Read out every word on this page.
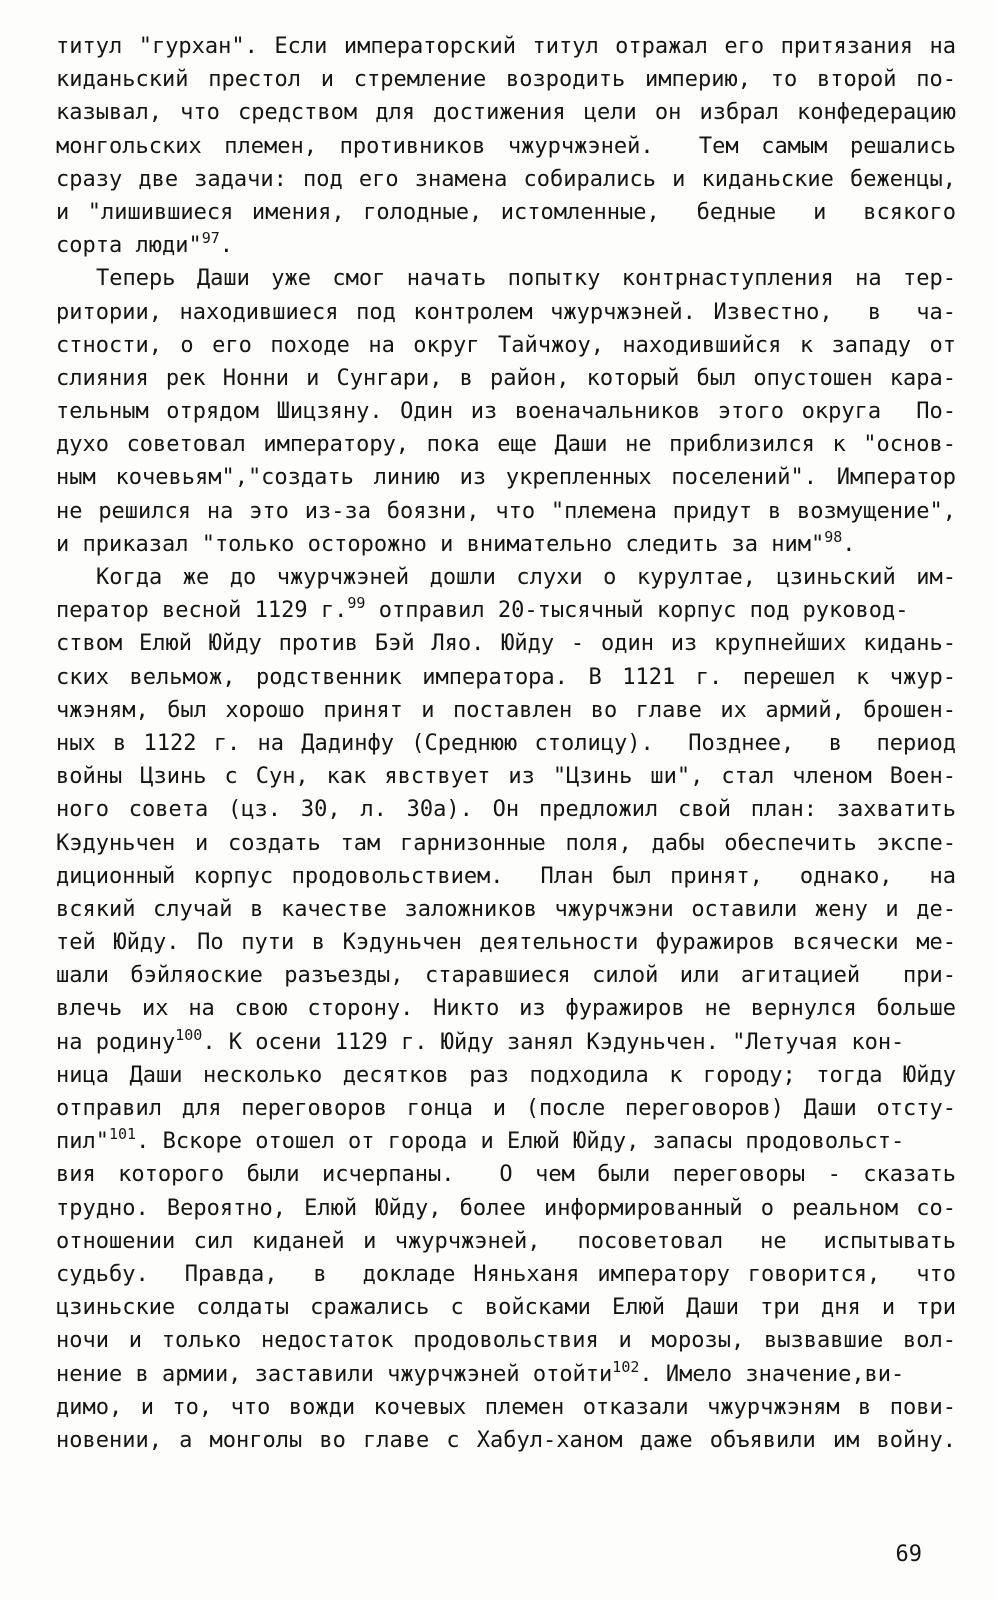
титул "гурхан". Если императорский титул отражал его притязания на
киданьский престол и стремление возродить империю, то второй по-
казывал, что средством для достижения цели он избрал конфедерацию
монгольских племен, противников чжурчжэней.  Тем самым решались
сразу две задачи: под его знамена собирались и киданьские беженцы,
и "лишившиеся имения, голодные, истомленные,  бедные  и  всякого
сорта люди"$^{97}$.
Теперь Даши уже смог начать попытку контрнаступления на тер-
ритории, находившиеся под контролем чжурчжэней. Известно,  в  ча-
стности, о его походе на округ Тайчжоу, находившийся к западу от
слияния рек Нонни и Сунгари, в район, который был опустошен кара-
тельным отрядом Шицзяну. Один из военачальников этого округа  По-
духо советовал императору, пока еще Даши не приблизился к "основ-
ным кочевьям","создать линию из укрепленных поселений". Император
не решился на это из-за боязни, что "племена придут в возмущение",
и приказал "только осторожно и внимательно следить за ним"$^{98}$.
Когда же до чжурчжэней дошли слухи о курултае, цзиньский им-
ператор весной 1129 г.$^{99}$ отправил 20-тысячный корпус под руковод-
ством Елюй Юйду против Бэй Ляо. Юйду - один из крупнейших кидань-
ских вельмож, родственник императора. В 1121 г. перешел к чжур-
чжэням, был хорошо принят и поставлен во главе их армий, брошен-
ных в 1122 г. на Дадинфу (Среднюю столицу).  Позднее,  в  период
войны Цзинь с Сун, как явствует из "Цзинь ши", стал членом Воен-
ного совета (цз. 30, л. 30а). Он предложил свой план: захватить
Кэдуньчен и создать там гарнизонные поля, дабы обеспечить экспе-
диционный корпус продовольствием.  План был принят,  однако,  на
всякий случай в качестве заложников чжурчжэни оставили жену и де-
тей Юйду. По пути в Кэдуньчен деятельности фуражиров всячески ме-
шали бэйляоские разъезды, старавшиеся силой или агитацией  при-
влечь их на свою сторону. Никто из фуражиров не вернулся больше
на родину$^{100}$. К осени 1129 г. Юйду занял Кэдуньчен. "Летучая кон-
ница Даши несколько десятков раз подходила к городу; тогда Юйду
отправил для переговоров гонца и (после переговоров) Даши отсту-
пил"$^{101}$. Вскоре отошел от города и Елюй Юйду, запасы продовольст-
вия которого были исчерпаны.  О чем были переговоры - сказать
трудно. Вероятно, Елюй Юйду, более информированный о реальном со-
отношении сил киданей и чжурчжэней,  посоветовал  не  испытывать
судьбу.  Правда,  в  докладе Няньханя императору говорится,  что
цзиньские солдаты сражались с войсками Елюй Даши три дня и три
ночи и только недостаток продовольствия и морозы, вызвавшие вол-
нение в армии, заставили чжурчжэней отойти$^{102}$. Имело значение,ви-
димо, и то, что вожди кочевых племен отказали чжурчжэням в пови-
новении, а монголы во главе с Хабул-ханом даже объявили им войну.
69
